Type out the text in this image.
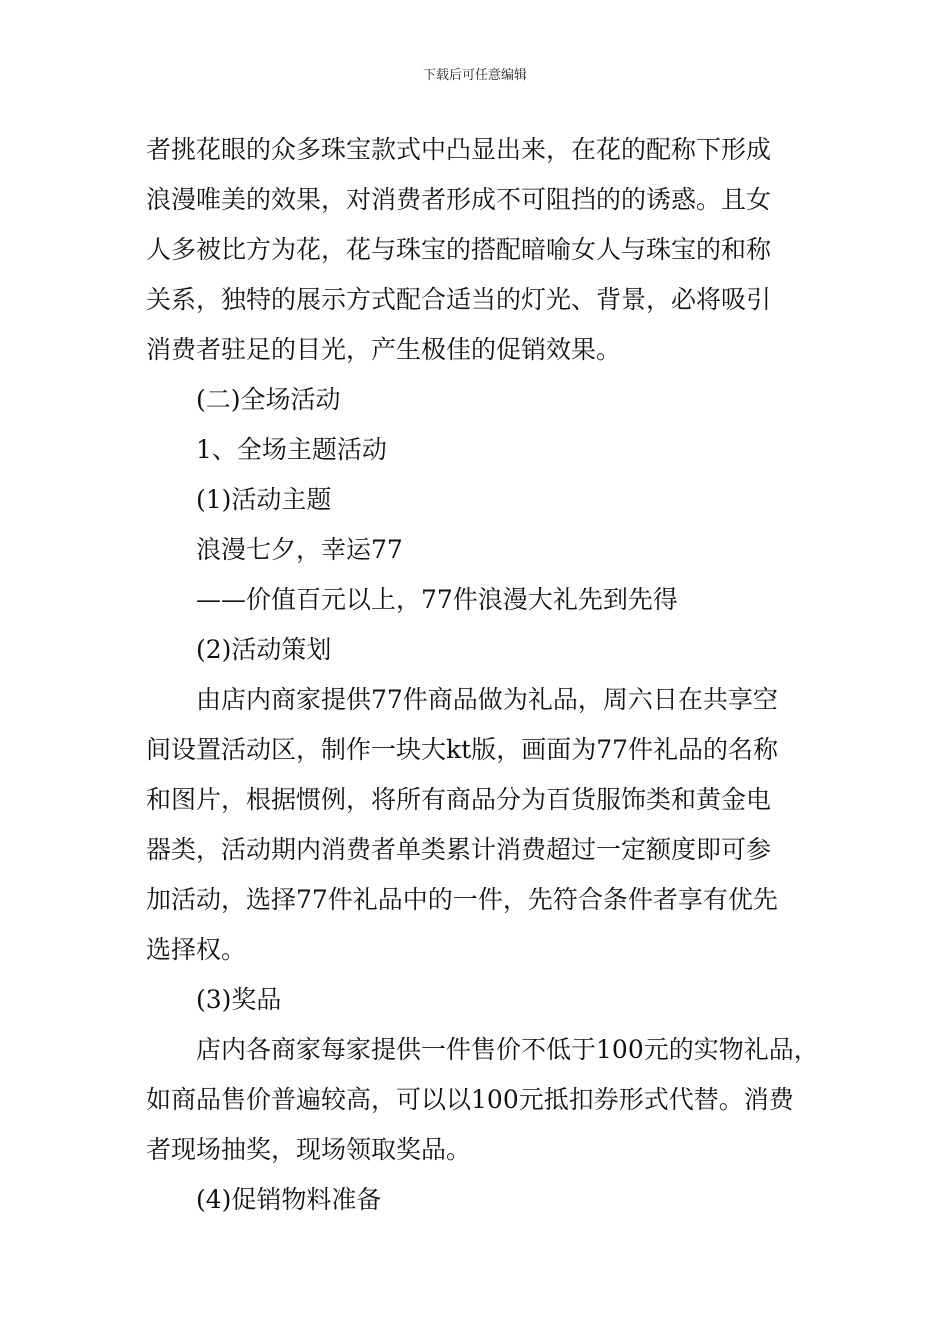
下载后可任意编辑

者挑花眼的众多珠宝款式中凸显出来，在花的配称下形成

浪漫唯美的效果，对消费者形成不可阻挡的的诱惑。且女

人多被比方为花，花与珠宝的搭配暗喻女人与珠宝的和称

关系，独特的展示方式配合适当的灯光、背景，必将吸引

消费者驻足的目光，产生极佳的促销效果。

(二)全场活动

1、全场主题活动

(1)活动主题

浪漫七夕，幸运77

——价值百元以上，77件浪漫大礼先到先得

(2)活动策划

由店内商家提供77件商品做为礼品，周六日在共享空

间设置活动区，制作一块大kt版，画面为77件礼品的名称

和图片，根据惯例，将所有商品分为百货服饰类和黄金电

器类，活动期内消费者单类累计消费超过一定额度即可参

加活动，选择77件礼品中的一件，先符合条件者享有优先

选择权。

(3)奖品

店内各商家每家提供一件售价不低于100元的实物礼品，

如商品售价普遍较高，可以以100元抵扣券形式代替。消费

者现场抽奖，现场领取奖品。

(4)促销物料准备
